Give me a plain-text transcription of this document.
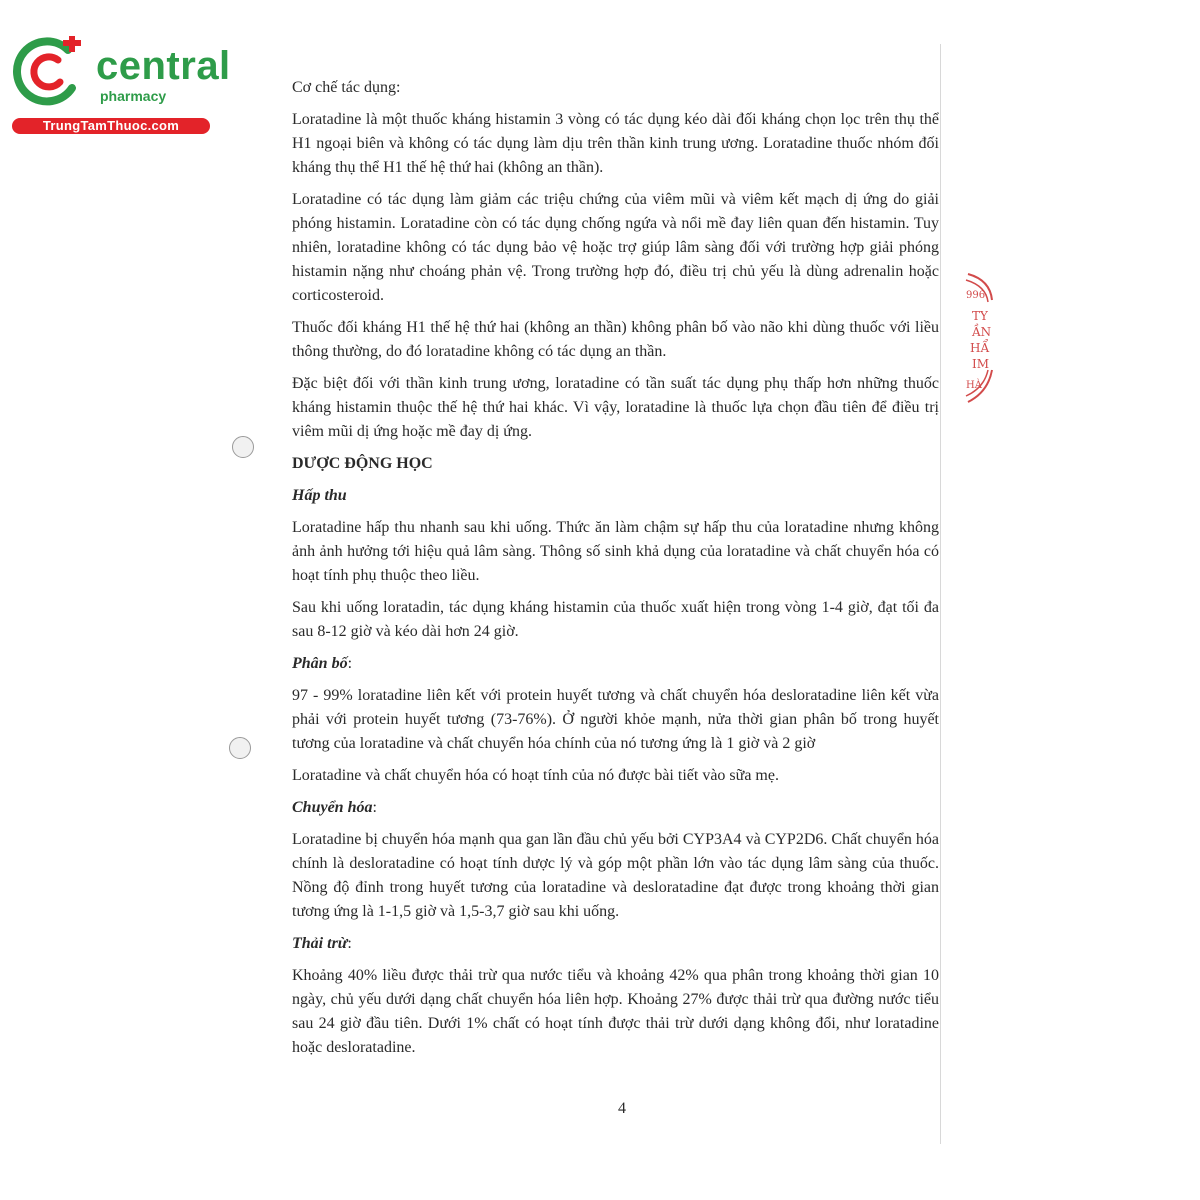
central
pharmacy
TrungTamThuoc.com
996
TY
ẦN
HẨ
IM
HÀ

Cơ chế tác dụng:

Loratadine là một thuốc kháng histamin 3 vòng có tác dụng kéo dài đối kháng chọn lọc trên thụ thể H1 ngoại biên và không có tác dụng làm dịu trên thần kinh trung ương. Loratadine thuốc nhóm đối kháng thụ thể H1 thế hệ thứ hai (không an thần).

Loratadine có tác dụng làm giảm các triệu chứng của viêm mũi và viêm kết mạch dị ứng do giải phóng histamin. Loratadine còn có tác dụng chống ngứa và nổi mề đay liên quan đến histamin. Tuy nhiên, loratadine không có tác dụng bảo vệ hoặc trợ giúp lâm sàng đối với trường hợp giải phóng histamin nặng như choáng phản vệ. Trong trường hợp đó, điều trị chủ yếu là dùng adrenalin hoặc corticosteroid.

Thuốc đối kháng H1 thế hệ thứ hai (không an thần) không phân bố vào não khi dùng thuốc với liều thông thường, do đó loratadine không có tác dụng an thần.

Đặc biệt đối với thần kinh trung ương, loratadine có tần suất tác dụng phụ thấp hơn những thuốc kháng histamin thuộc thế hệ thứ hai khác. Vì vậy, loratadine là thuốc lựa chọn đầu tiên để điều trị viêm mũi dị ứng hoặc mề đay dị ứng.

DƯỢC ĐỘNG HỌC

Hấp thu

Loratadine hấp thu nhanh sau khi uống. Thức ăn làm chậm sự hấp thu của loratadine nhưng không ảnh ảnh hưởng tới hiệu quả lâm sàng. Thông số sinh khả dụng của loratadine và chất chuyển hóa có hoạt tính phụ thuộc theo liều.

Sau khi uống loratadin, tác dụng kháng histamin của thuốc xuất hiện trong vòng 1-4 giờ, đạt tối đa sau 8-12 giờ và kéo dài hơn 24 giờ.

Phân bố:

97 - 99% loratadine liên kết với protein huyết tương và chất chuyển hóa desloratadine liên kết vừa phải với protein huyết tương (73-76%). Ở người khỏe mạnh, nửa thời gian phân bố trong huyết tương của loratadine và chất chuyển hóa chính của nó tương ứng là 1 giờ và 2 giờ

Loratadine và chất chuyển hóa có hoạt tính của nó được bài tiết vào sữa mẹ.

Chuyển hóa:

Loratadine bị chuyển hóa mạnh qua gan lần đầu chủ yếu bởi CYP3A4 và CYP2D6. Chất chuyển hóa chính là desloratadine có hoạt tính dược lý và góp một phần lớn vào tác dụng lâm sàng của thuốc. Nồng độ đỉnh trong huyết tương của loratadine và desloratadine đạt được trong khoảng thời gian tương ứng là 1-1,5 giờ và 1,5-3,7 giờ sau khi uống.

Thải trừ:

Khoảng 40% liều được thải trừ qua nước tiểu và khoảng 42% qua phân trong khoảng thời gian 10 ngày, chủ yếu dưới dạng chất chuyển hóa liên hợp. Khoảng 27% được thải trừ qua đường nước tiểu sau 24 giờ đầu tiên. Dưới 1% chất có hoạt tính được thải trừ dưới dạng không đổi, như loratadine hoặc desloratadine.

4
